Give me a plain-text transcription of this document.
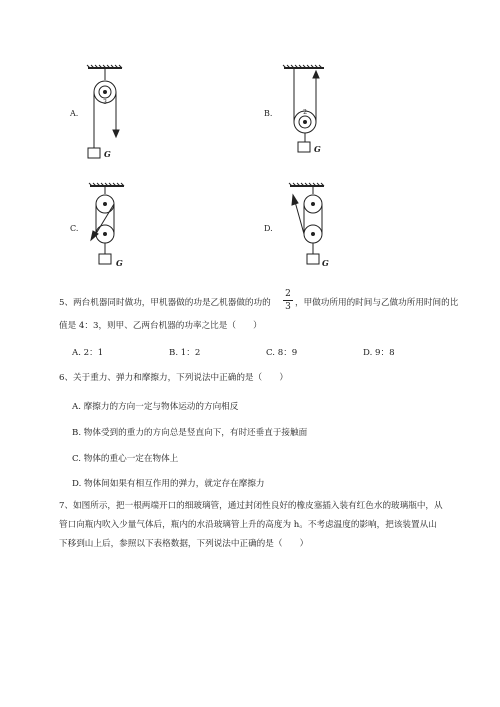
A.
3
G
B.	2
G
C.
G
D.
G
5、两台机器同时做功，甲机器做的功是乙机器做的功的
2
3 ，甲做功所用的时间与乙做功所用时间的比
值是 4：3，则甲、乙两台机器的功率之比是（　　）
A. 2：1	B. 1：2	C. 8：9	D. 9：8
6、关于重力、弹力和摩擦力，下列说法中正确的是（　　）
A. 摩擦力的方向一定与物体运动的方向相反
B. 物体受到的重力的方向总是竖直向下，有时还垂直于接触面
C. 物体的重心一定在物体上
D. 物体间如果有相互作用的弹力，就定存在摩擦力
7、如图所示，把一根两端开口的细玻璃管，通过封闭性良好的橡皮塞插入装有红色水的玻璃瓶中，从
管口向瓶内吹入少量气体后，瓶内的水沿玻璃管上升的高度为 h。不考虑温度的影响，把该装置从山
下移到山上后，参照以下表格数据，下列说法中正确的是（　　）
